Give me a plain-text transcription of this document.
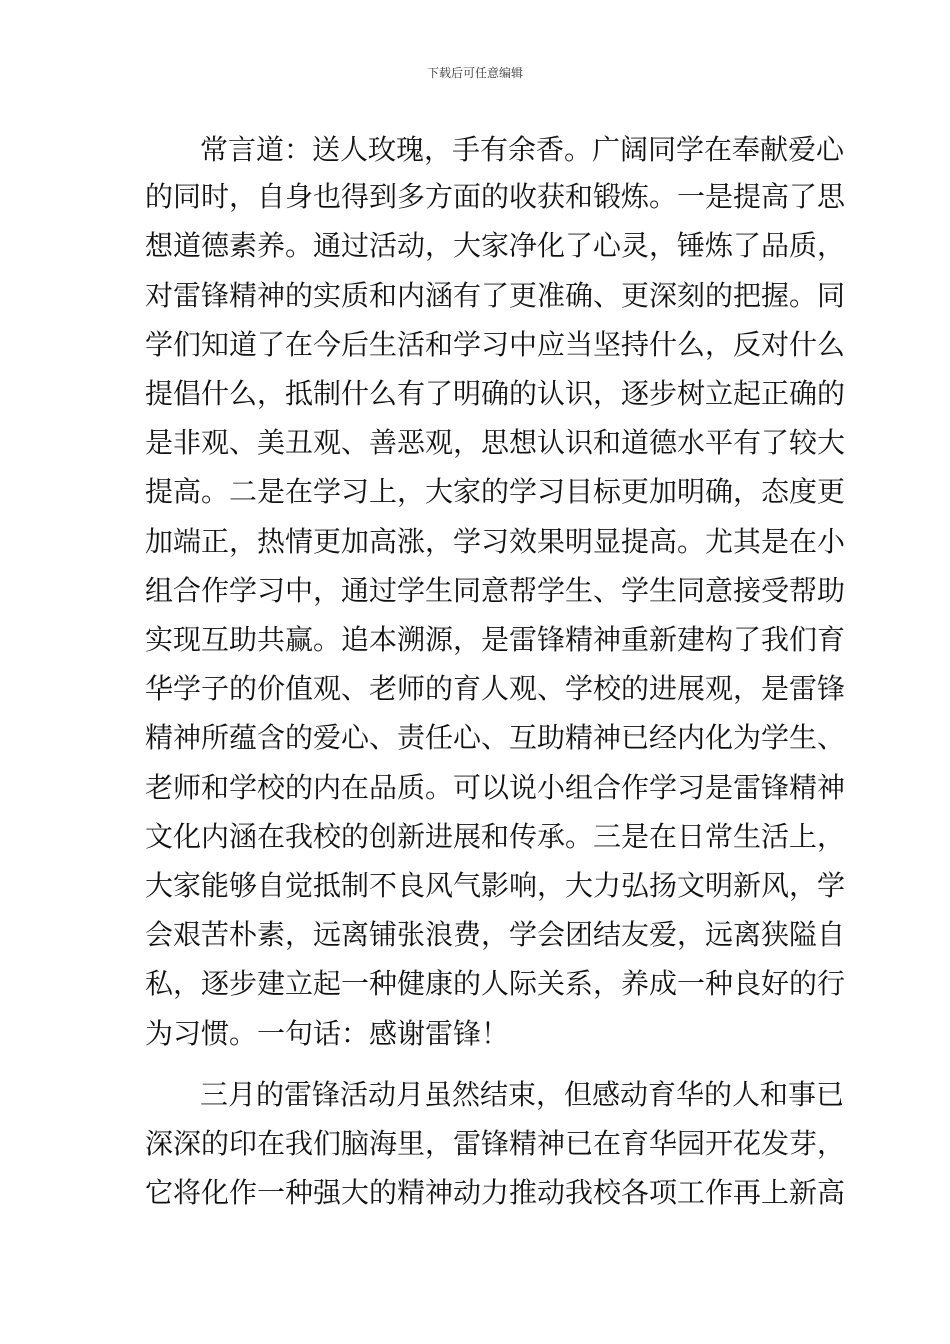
下载后可任意编辑
常言道：送人玫瑰，手有余香。广阔同学在奉献爱心
的同时，自身也得到多方面的收获和锻炼。一是提高了思
想道德素养。通过活动，大家净化了心灵，锤炼了品质，
对雷锋精神的实质和内涵有了更准确、更深刻的把握。同
学们知道了在今后生活和学习中应当坚持什么，反对什么
提倡什么，抵制什么有了明确的认识，逐步树立起正确的
是非观、美丑观、善恶观，思想认识和道德水平有了较大
提高。二是在学习上，大家的学习目标更加明确，态度更
加端正，热情更加高涨，学习效果明显提高。尤其是在小
组合作学习中，通过学生同意帮学生、学生同意接受帮助
实现互助共赢。追本溯源，是雷锋精神重新建构了我们育
华学子的价值观、老师的育人观、学校的进展观，是雷锋
精神所蕴含的爱心、责任心、互助精神已经内化为学生、
老师和学校的内在品质。可以说小组合作学习是雷锋精神
文化内涵在我校的创新进展和传承。三是在日常生活上，
大家能够自觉抵制不良风气影响，大力弘扬文明新风，学
会艰苦朴素，远离铺张浪费，学会团结友爱，远离狭隘自
私，逐步建立起一种健康的人际关系，养成一种良好的行
为习惯。一句话：感谢雷锋！
三月的雷锋活动月虽然结束，但感动育华的人和事已
深深的印在我们脑海里，雷锋精神已在育华园开花发芽，
它将化作一种强大的精神动力推动我校各项工作再上新高
